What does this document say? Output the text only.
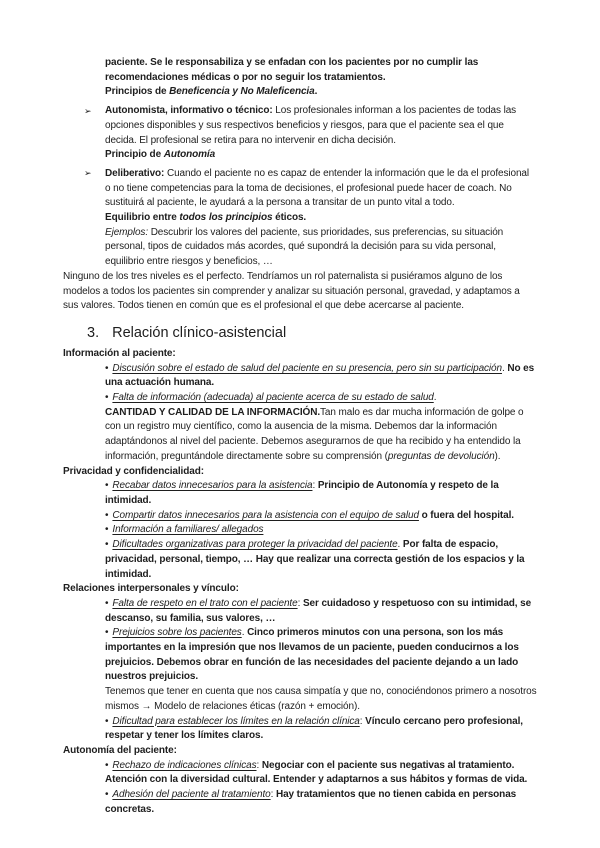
paciente. Se le responsabiliza y se enfadan con los pacientes por no cumplir las recomendaciones médicas o por no seguir los tratamientos.
Principios de Beneficencia y No Maleficencia.
➢ Autonomista, informativo o técnico: Los profesionales informan a los pacientes de todas las opciones disponibles y sus respectivos beneficios y riesgos, para que el paciente sea el que decida. El profesional se retira para no intervenir en dicha decisión.
Principio de Autonomía
➢ Deliberativo: Cuando el paciente no es capaz de entender la información que le da el profesional o no tiene competencias para la toma de decisiones, el profesional puede hacer de coach. No sustituirá al paciente, le ayudará a la persona a transitar de un punto vital a todo.
Equilibrio entre todos los principios éticos.
Ejemplos: Descubrir los valores del paciente, sus prioridades, sus preferencias, su situación personal, tipos de cuidados más acordes, qué supondrá la decisión para su vida personal, equilibrio entre riesgos y beneficios, …
Ninguno de los tres niveles es el perfecto. Tendríamos un rol paternalista si pusiéramos alguno de los modelos a todos los pacientes sin comprender y analizar su situación personal, gravedad, y adaptamos a sus valores. Todos tienen en común que es el profesional el que debe acercarse al paciente.
3. Relación clínico-asistencial
Información al paciente:
• Discusión sobre el estado de salud del paciente en su presencia, pero sin su participación. No es una actuación humana.
• Falta de información (adecuada) al paciente acerca de su estado de salud.
CANTIDAD Y CALIDAD DE LA INFORMACIÓN.Tan malo es dar mucha información de golpe o con un registro muy científico, como la ausencia de la misma. Debemos dar la información adaptándonos al nivel del paciente. Debemos asegurarnos de que ha recibido y ha entendido la información, preguntándole directamente sobre su comprensión (preguntas de devolución).
Privacidad y confidencialidad:
• Recabar datos innecesarios para la asistencia: Principio de Autonomía y respeto de la intimidad.
• Compartir datos innecesarios para la asistencia con el equipo de salud o fuera del hospital.
• Información a familiares/ allegados
• Dificultades organizativas para proteger la privacidad del paciente. Por falta de espacio, privacidad, personal, tiempo, … Hay que realizar una correcta gestión de los espacios y la intimidad.
Relaciones interpersonales y vínculo:
• Falta de respeto en el trato con el paciente: Ser cuidadoso y respetuoso con su intimidad, se descanso, su familia, sus valores, …
• Prejuicios sobre los pacientes. Cinco primeros minutos con una persona, son los más importantes en la impresión que nos llevamos de un paciente, pueden conducirnos a los prejuicios. Debemos obrar en función de las necesidades del paciente dejando a un lado nuestros prejuicios.
Tenemos que tener en cuenta que nos causa simpatía y que no, conociéndonos primero a nosotros mismos → Modelo de relaciones éticas (razón + emoción).
• Dificultad para establecer los límites en la relación clínica: Vínculo cercano pero profesional, respetar y tener los límites claros.
Autonomía del paciente:
• Rechazo de indicaciones clínicas: Negociar con el paciente sus negativas al tratamiento. Atención con la diversidad cultural. Entender y adaptarnos a sus hábitos y formas de vida.
• Adhesión del paciente al tratamiento: Hay tratamientos que no tienen cabida en personas concretas.
